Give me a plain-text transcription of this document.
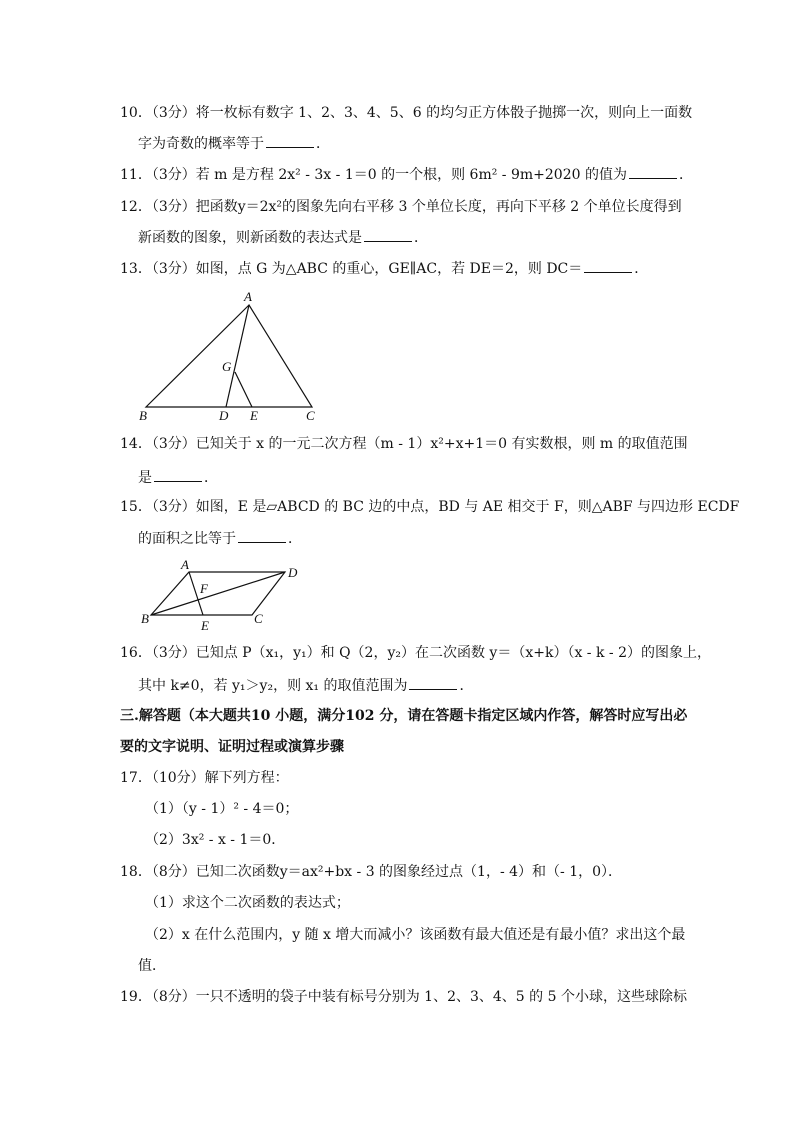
10．（3分）将一枚标有数字 1、2、3、4、5、6 的均匀正方体骰子抛掷一次，则向上一面数
字为奇数的概率等于	．
11．（3分）若 m 是方程 2x² - 3x - 1＝0 的一个根，则 6m² - 9m+2020 的值为	．
12．（3分）把函数y＝2x²的图象先向右平移 3 个单位长度，再向下平移 2 个单位长度得到
新函数的图象，则新函数的表达式是	．
13．（3分）如图，点 G 为△ABC 的重心，GE∥AC，若 DE＝2，则 DC＝	．
A
B	C
D E
G
14．（3分）已知关于 x 的一元二次方程（m - 1）x²+x+1＝0 有实数根，则 m 的取值范围
是	．
15．（3分）如图，E 是▱ABCD 的 BC 边的中点，BD 与 AE 相交于 F，则△ABF 与四边形 ECDF
的面积之比等于	．
A
D
B	C
E
F
16．（3分）已知点 P（x₁，y₁）和 Q（2，y₂）在二次函数 y＝（x+k）（x - k - 2）的图象上，
其中 k≠0，若 y₁＞y₂，则 x₁ 的取值范围为	．
三.解答题（本大题共10 小题，满分102 分，请在答题卡指定区域内作答，解答时应写出必
要的文字说明、证明过程或演算步骤
17．（10分）解下列方程：
（1）（y - 1）² - 4＝0；
（2）3x² - x - 1＝0．
18．（8分）已知二次函数y＝ax²+bx - 3 的图象经过点（1，- 4）和（- 1，0）．
（1）求这个二次函数的表达式；
（2）x 在什么范围内，y 随 x 增大而减小？该函数有最大值还是有最小值？求出这个最
值．
19．（8分）一只不透明的袋子中装有标号分别为 1、2、3、4、5 的 5 个小球，这些球除标
